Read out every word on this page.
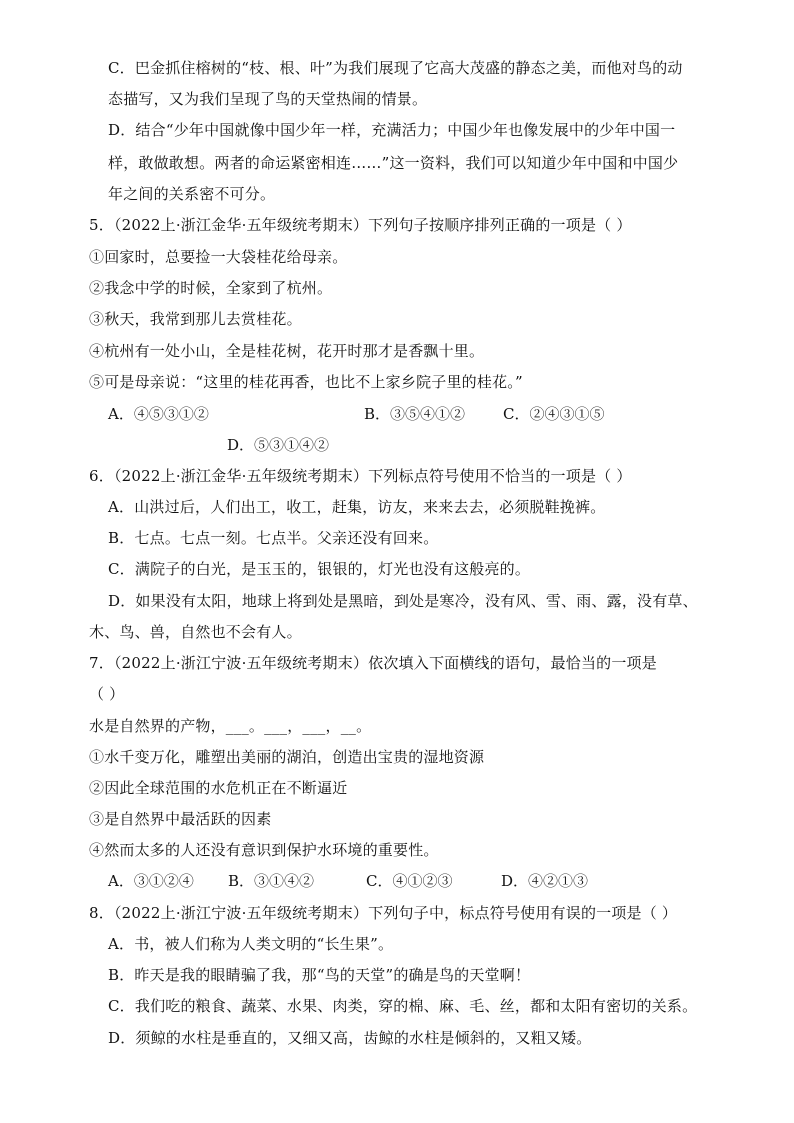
C．巴金抓住榕树的“枝、根、叶”为我们展现了它高大茂盛的静态之美，而他对鸟的动
态描写，又为我们呈现了鸟的天堂热闹的情景。
D．结合“少年中国就像中国少年一样，充满活力；中国少年也像发展中的少年中国一
样，敢做敢想。两者的命运紧密相连……”这一资料，我们可以知道少年中国和中国少
年之间的关系密不可分。
5．（2022上·浙江金华·五年级统考期末）下列句子按顺序排列正确的一项是（ ）
①回家时，总要捡一大袋桂花给母亲。
②我念中学的时候，全家到了杭州。
③秋天，我常到那儿去赏桂花。
④杭州有一处小山，全是桂花树，花开时那才是香飘十里。
⑤可是母亲说：“这里的桂花再香，也比不上家乡院子里的桂花。”
A．④⑤③①②	B．③⑤④①②	C．②④③①⑤
D．⑤③①④②
6．（2022上·浙江金华·五年级统考期末）下列标点符号使用不恰当的一项是（ ）
A．山洪过后，人们出工，收工，赶集，访友，来来去去，必须脱鞋挽裤。
B．七点。七点一刻。七点半。父亲还没有回来。
C．满院子的白光，是玉玉的，银银的，灯光也没有这般亮的。
D．如果没有太阳，地球上将到处是黑暗，到处是寒冷，没有风、雪、雨、露，没有草、
木、鸟、兽，自然也不会有人。
7．（2022上·浙江宁波·五年级统考期末）依次填入下面横线的语句，最恰当的一项是
（ ）
水是自然界的产物，___。___，___，__。
①水千变万化，雕塑出美丽的湖泊，创造出宝贵的湿地资源
②因此全球范围的水危机正在不断逼近
③是自然界中最活跃的因素
④然而太多的人还没有意识到保护水环境的重要性。
A．③①②④ B．③①④②	C．④①②③	D．④②①③
8．（2022上·浙江宁波·五年级统考期末）下列句子中，标点符号使用有误的一项是（ ）
A．书，被人们称为人类文明的“长生果”。
B．昨天是我的眼睛骗了我，那“鸟的天堂”的确是鸟的天堂啊！
C．我们吃的粮食、蔬菜、水果、肉类，穿的棉、麻、毛、丝，都和太阳有密切的关系。
D．须鲸的水柱是垂直的，又细又高，齿鲸的水柱是倾斜的，又粗又矮。
